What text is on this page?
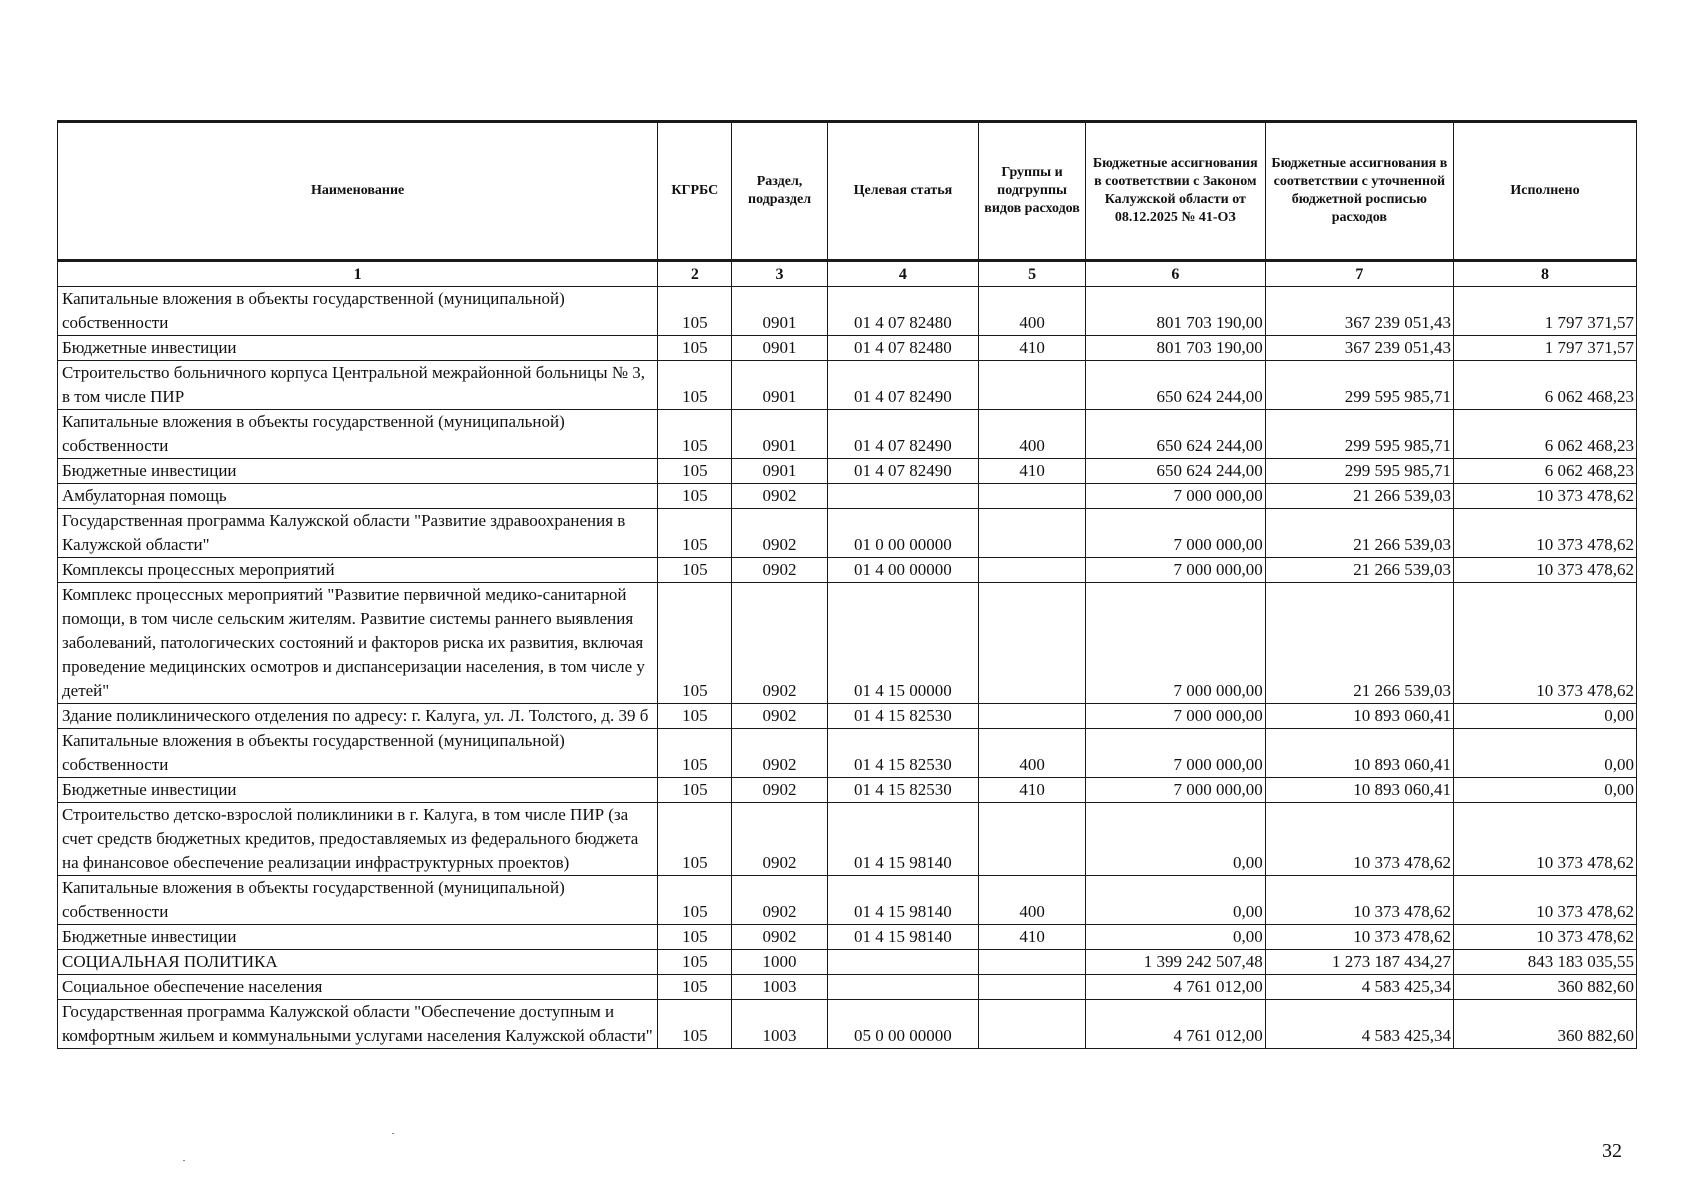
Наименование	КГРБС	Раздел, подраздел	Целевая статья	Группы и подгруппы видов расходов	Бюджетные ассигнования в соответствии с Законом Калужской области от 08.12.2025 № 41-ОЗ	Бюджетные ассигнования в соответствии с уточненной бюджетной росписью расходов	Исполнено
1	2	3	4	5	6	7	8
Капитальные вложения в объекты государственной (муниципальной) собственности	105	0901	01 4 07 82480	400	801 703 190,00	367 239 051,43	1 797 371,57
Бюджетные инвестиции	105	0901	01 4 07 82480	410	801 703 190,00	367 239 051,43	1 797 371,57
Строительство больничного корпуса Центральной межрайонной больницы № 3, в том числе ПИР	105	0901	01 4 07 82490		650 624 244,00	299 595 985,71	6 062 468,23
Капитальные вложения в объекты государственной (муниципальной) собственности	105	0901	01 4 07 82490	400	650 624 244,00	299 595 985,71	6 062 468,23
Бюджетные инвестиции	105	0901	01 4 07 82490	410	650 624 244,00	299 595 985,71	6 062 468,23
Амбулаторная помощь	105	0902			7 000 000,00	21 266 539,03	10 373 478,62
Государственная программа Калужской области "Развитие здравоохранения в Калужской области"	105	0902	01 0 00 00000		7 000 000,00	21 266 539,03	10 373 478,62
Комплексы процессных мероприятий	105	0902	01 4 00 00000		7 000 000,00	21 266 539,03	10 373 478,62
Комплекс процессных мероприятий "Развитие первичной медико-санитарной помощи, в том числе сельским жителям. Развитие системы раннего выявления заболеваний, патологических состояний и факторов риска их развития, включая проведение медицинских осмотров и диспансеризации населения, в том числе у детей"	105	0902	01 4 15 00000		7 000 000,00	21 266 539,03	10 373 478,62
Здание поликлинического отделения по адресу: г. Калуга, ул. Л. Толстого, д. 39 б	105	0902	01 4 15 82530		7 000 000,00	10 893 060,41	0,00
Капитальные вложения в объекты государственной (муниципальной) собственности	105	0902	01 4 15 82530	400	7 000 000,00	10 893 060,41	0,00
Бюджетные инвестиции	105	0902	01 4 15 82530	410	7 000 000,00	10 893 060,41	0,00
Строительство детско-взрослой поликлиники в г. Калуга, в том числе ПИР (за счет средств бюджетных кредитов, предоставляемых из федерального бюджета на финансовое обеспечение реализации инфраструктурных проектов)	105	0902	01 4 15 98140		0,00	10 373 478,62	10 373 478,62
Капитальные вложения в объекты государственной (муниципальной) собственности	105	0902	01 4 15 98140	400	0,00	10 373 478,62	10 373 478,62
Бюджетные инвестиции	105	0902	01 4 15 98140	410	0,00	10 373 478,62	10 373 478,62
СОЦИАЛЬНАЯ ПОЛИТИКА	105	1000			1 399 242 507,48	1 273 187 434,27	843 183 035,55
Социальное обеспечение населения	105	1003			4 761 012,00	4 583 425,34	360 882,60
Государственная программа Калужской области "Обеспечение доступным и комфортным жильем и коммунальными услугами населения Калужской области"	105	1003	05 0 00 00000		4 761 012,00	4 583 425,34	360 882,60
32
